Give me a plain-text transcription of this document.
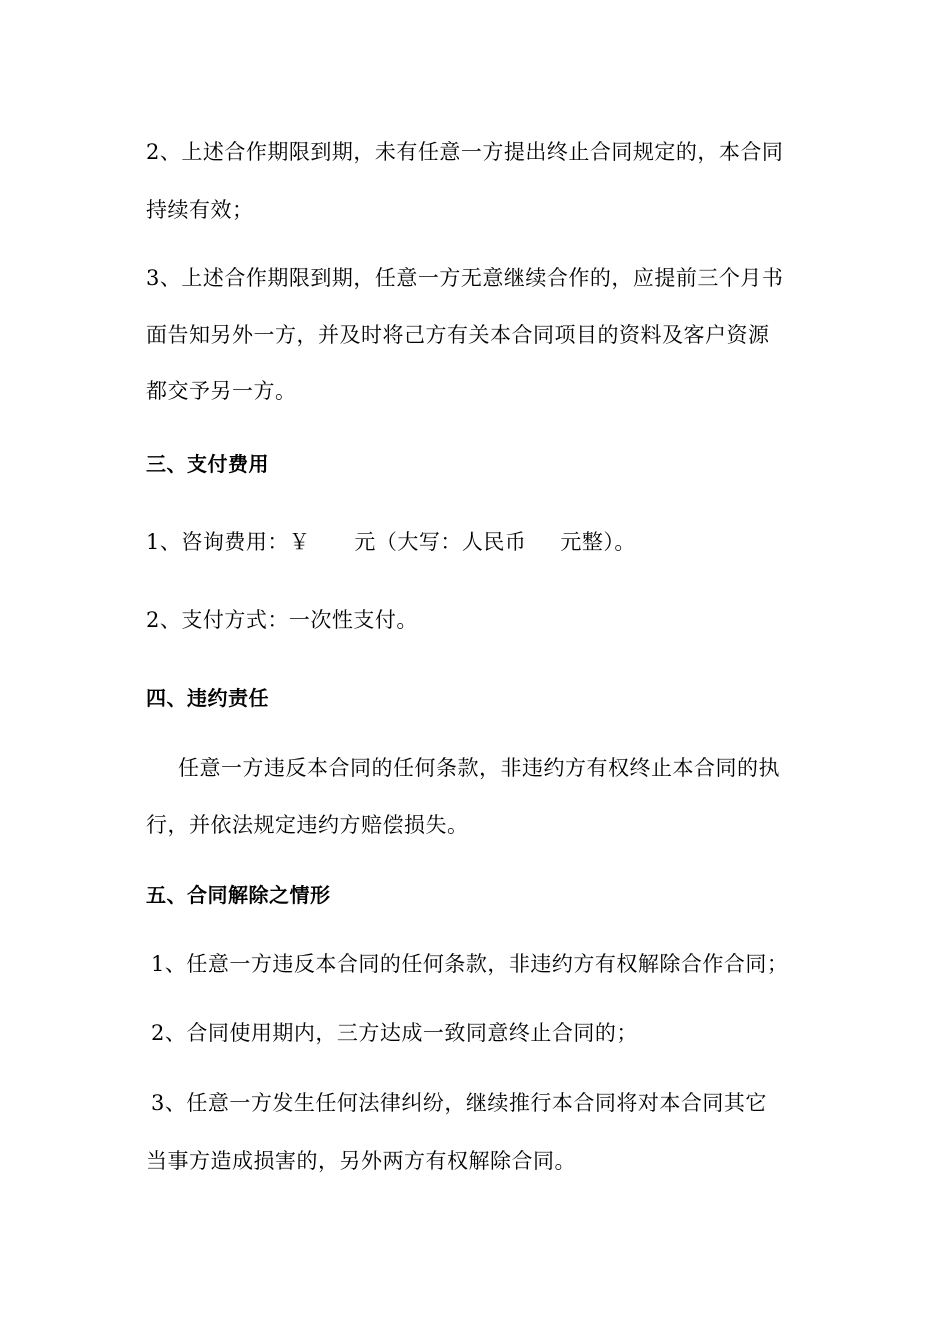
2、上述合作期限到期，未有任意一方提出终止合同规定的，本合同
持续有效；
3、上述合作期限到期，任意一方无意继续合作的，应提前三个月书
面告知另外一方，并及时将己方有关本合同项目的资料及客户资源
都交予另一方。
三、支付费用
1、咨询费用：￥ 元（大写：人民币 元整）。
2、支付方式：一次性支付。
四、违约责任
任意一方违反本合同的任何条款，非违约方有权终止本合同的执
行，并依法规定违约方赔偿损失。
五、合同解除之情形
1、任意一方违反本合同的任何条款，非违约方有权解除合作合同；
2、合同使用期内，三方达成一致同意终止合同的；
3、任意一方发生任何法律纠纷，继续推行本合同将对本合同其它
当事方造成损害的，另外两方有权解除合同。
